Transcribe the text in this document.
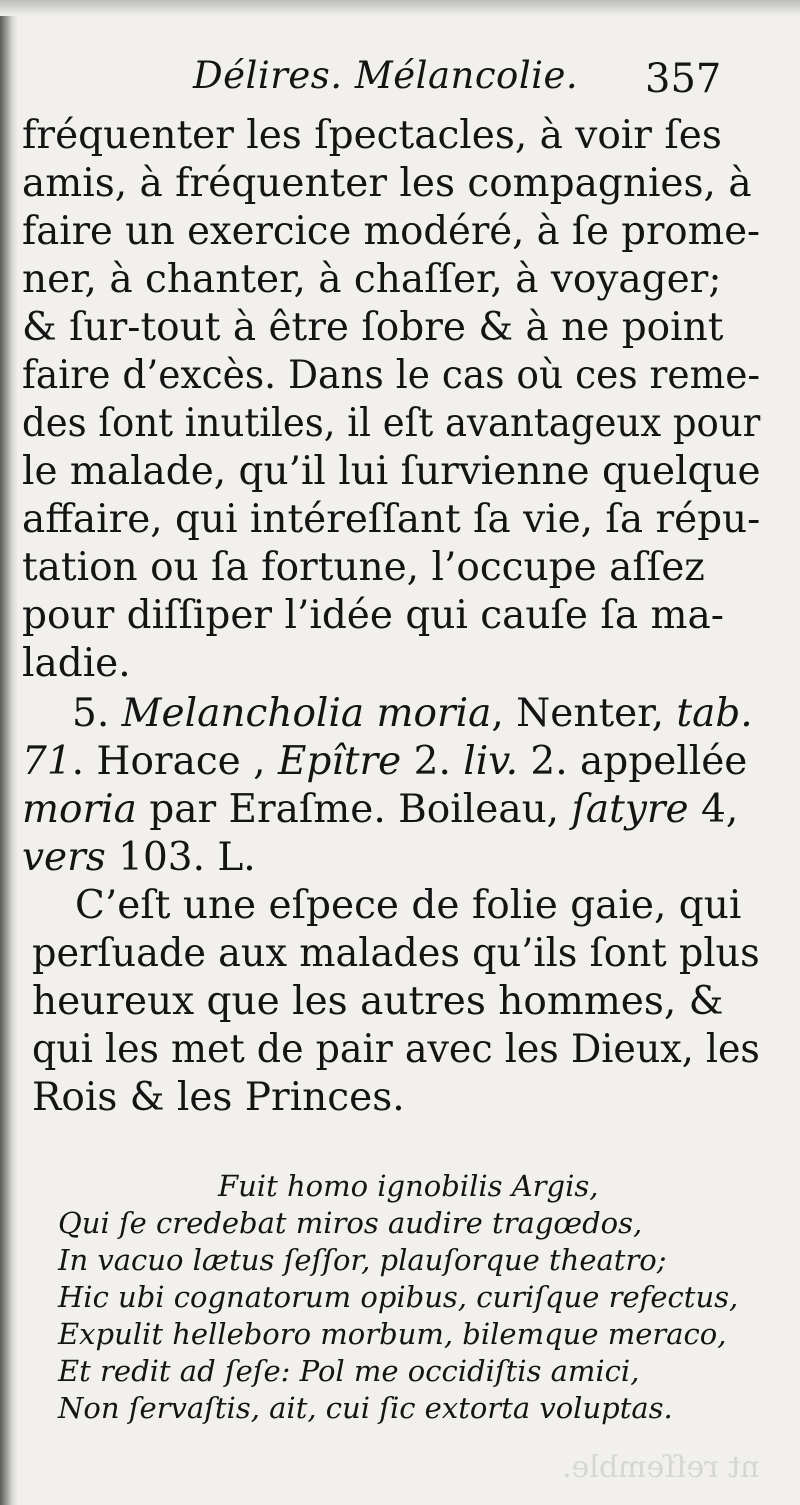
Délires. Mélancolie. 357
fréquenter les ſpectacles, à voir ſes
amis, à fréquenter les compagnies, à
faire un exercice modéré, à ſe prome-
ner, à chanter, à chaſſer, à voyager;
& ſur-tout à être ſobre & à ne point
faire d’excès. Dans le cas où ces reme-
des ſont inutiles, il eſt avantageux pour
le malade, qu’il lui ſurvienne quelque
affaire, qui intéreſſant ſa vie, ſa répu-
tation ou ſa fortune, l’occupe aſſez
pour diſſiper l’idée qui cauſe ſa ma-
ladie.
5. Melancholia moria, Nenter, tab.
71. Horace , Epître 2. liv. 2. appellée
moria par Eraſme. Boileau, ſatyre 4,
vers 103. L.
C’eſt une eſpece de folie gaie, qui
perſuade aux malades qu’ils ſont plus
heureux que les autres hommes, &
qui les met de pair avec les Dieux, les
Rois & les Princes.
Fuit homo ignobilis Argis,
Qui ſe credebat miros audire tragœdos,
In vacuo lætus ſeſſor, plauſorque theatro;
Hic ubi cognatorum opibus, curiſque refectus,
Expulit helleboro morbum, bilemque meraco,
Et redit ad ſeſe: Pol me occidiſtis amici,
Non ſervaſtis, ait, cui ſic extorta voluptas.
nt reſſemble.
